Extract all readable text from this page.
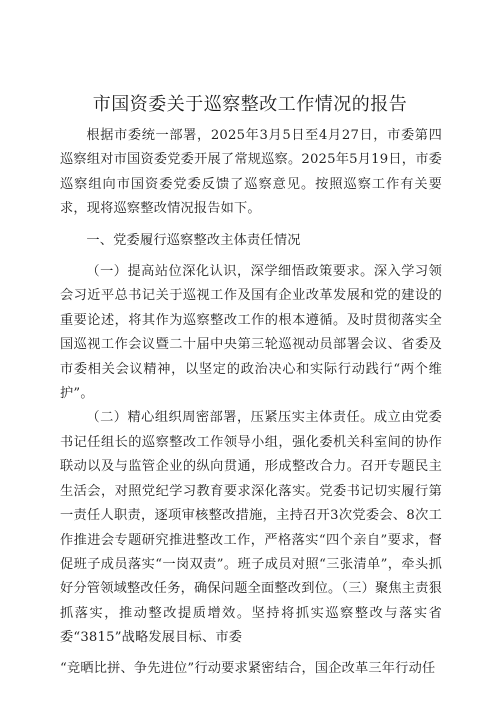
市国资委关于巡察整改工作情况的报告

根据市委统一部署，2025年3月5日至4月27日，市委第四巡察组对市国资委党委开展了常规巡察。2025年5月19日，市委巡察组向市国资委党委反馈了巡察意见。按照巡察工作有关要求，现将巡察整改情况报告如下。

一、党委履行巡察整改主体责任情况

（一）提高站位深化认识，深学细悟政策要求。深入学习领会习近平总书记关于巡视工作及国有企业改革发展和党的建设的重要论述，将其作为巡察整改工作的根本遵循。及时贯彻落实全国巡视工作会议暨二十届中央第三轮巡视动员部署会议、省委及市委相关会议精神，以坚定的政治决心和实际行动践行“两个维护”。

（二）精心组织周密部署，压紧压实主体责任。成立由党委书记任组长的巡察整改工作领导小组，强化委机关科室间的协作联动以及与监管企业的纵向贯通，形成整改合力。召开专题民主生活会，对照党纪学习教育要求深化落实。党委书记切实履行第一责任人职责，逐项审核整改措施，主持召开3次党委会、8次工作推进会专题研究推进整改工作，严格落实“四个亲自”要求，督促班子成员落实“一岗双责”。班子成员对照“三张清单”，牵头抓好分管领域整改任务，确保问题全面整改到位。（三）聚焦主责狠抓落实，推动整改提质增效。坚持将抓实巡察整改与落实省委“3815”战略发展目标、市委

“竞晒比拼、争先进位”行动要求紧密结合，国企改革三年行动任
